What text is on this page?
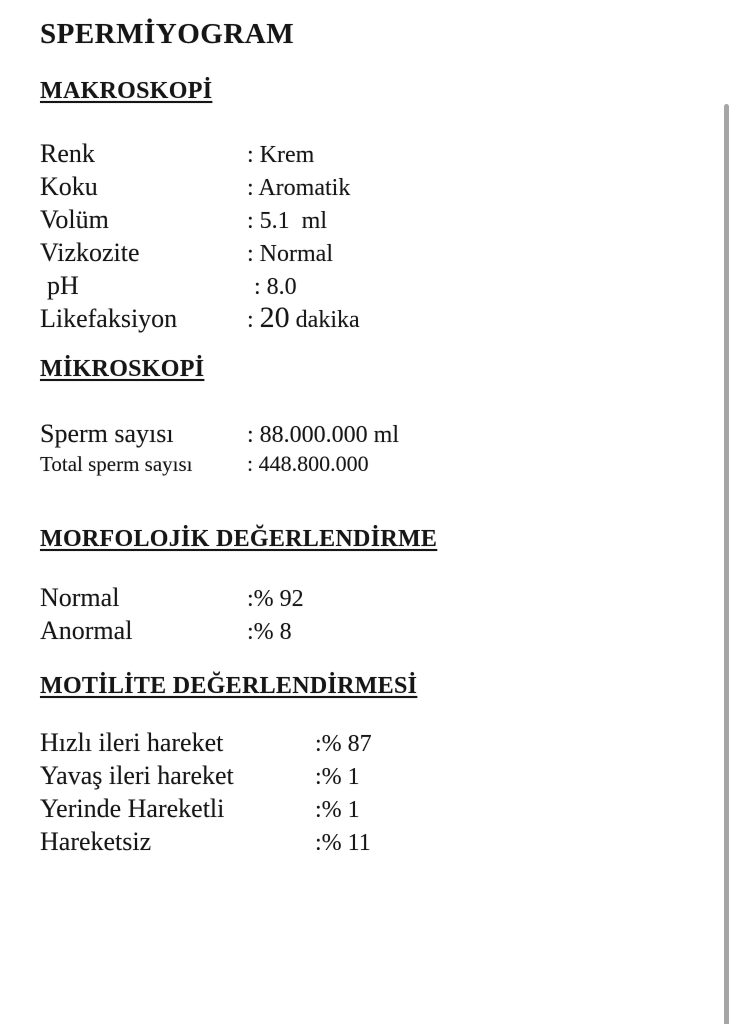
SPERMİYOGRAM
MAKROSKOPİ
Renk	: Krem
Koku	: Aromatik
Volüm	: 5.1  ml
Vizkozite	: Normal
pH	: 8.0
Likefaksiyon	: 20 dakika
MİKROSKOPİ
Sperm sayısı	: 88.000.000 ml
Total sperm sayısı	: 448.800.000
MORFOLOJİK DEĞERLENDİRME
Normal	:% 92
Anormal	:% 8
MOTİLİTE DEĞERLENDİRMESİ
Hızlı ileri hareket	:% 87
Yavaş ileri hareket	:% 1
Yerinde Hareketli	:% 1
Hareketsiz	:% 11
